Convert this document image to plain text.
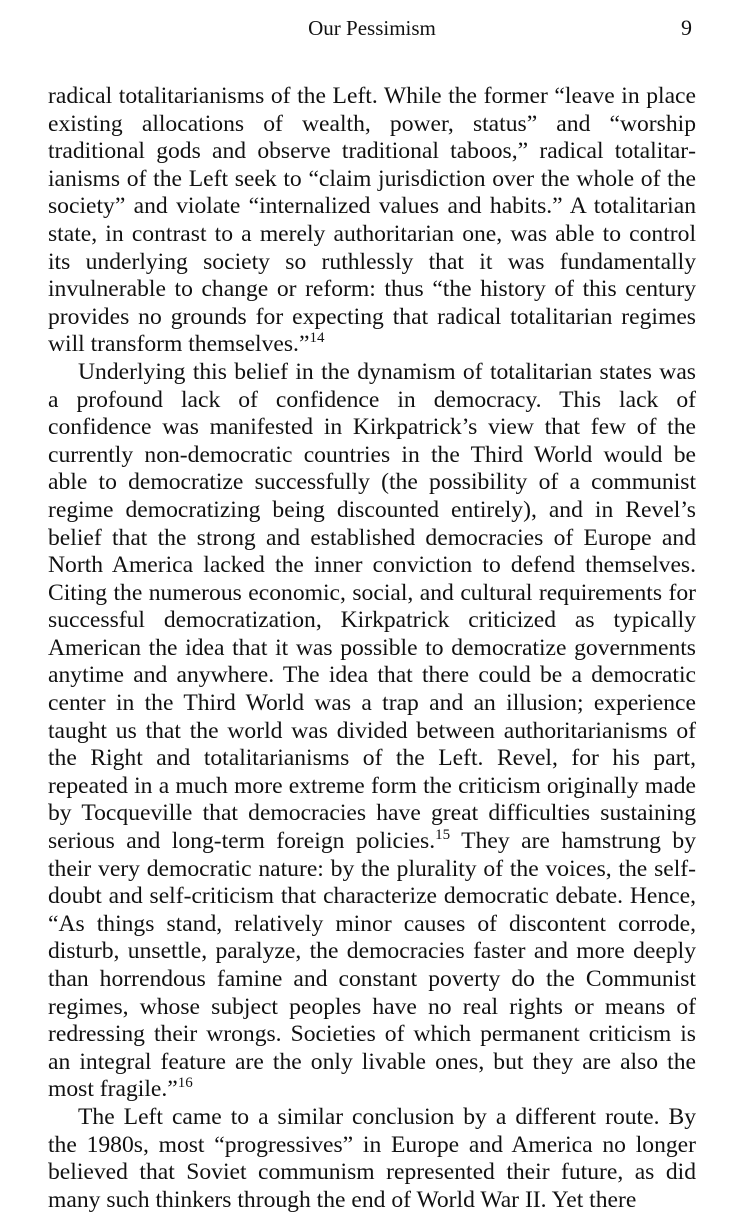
Our Pessimism	9

radical totalitarianisms of the Left. While the former “leave in place existing allocations of wealth, power, status” and “worship traditional gods and observe traditional taboos,” radical totalitarianisms of the Left seek to “claim jurisdiction over the whole of the society” and violate “internalized values and habits.” A totalitarian state, in contrast to a merely authoritarian one, was able to control its underlying society so ruthlessly that it was fundamentally invulnerable to change or reform: thus “the history of this century provides no grounds for expecting that radical totalitarian regimes will transform themselves.”$^{14}$

Underlying this belief in the dynamism of totalitarian states was a profound lack of confidence in democracy. This lack of confidence was manifested in Kirkpatrick’s view that few of the currently non-democratic countries in the Third World would be able to democratize successfully (the possibility of a communist regime democratizing being discounted entirely), and in Revel’s belief that the strong and established democracies of Europe and North America lacked the inner conviction to defend themselves. Citing the numerous economic, social, and cultural requirements for successful democratization, Kirkpatrick criticized as typically American the idea that it was possible to democratize governments anytime and anywhere. The idea that there could be a democratic center in the Third World was a trap and an illusion; experience taught us that the world was divided between authoritarianisms of the Right and totalitarianisms of the Left. Revel, for his part, repeated in a much more extreme form the criticism originally made by Tocqueville that democracies have great difficulties sustaining serious and long-term foreign policies.$^{15}$ They are hamstrung by their very democratic nature: by the plurality of the voices, the self-doubt and self-criticism that characterize democratic debate. Hence, “As things stand, relatively minor causes of discontent corrode, disturb, unsettle, paralyze, the democracies faster and more deeply than horrendous famine and constant poverty do the Communist regimes, whose subject peoples have no real rights or means of redressing their wrongs. Societies of which permanent criticism is an integral feature are the only livable ones, but they are also the most fragile.”$^{16}$

The Left came to a similar conclusion by a different route. By the 1980s, most “progressives” in Europe and America no longer believed that Soviet communism represented their future, as did many such thinkers through the end of World War II. Yet there
